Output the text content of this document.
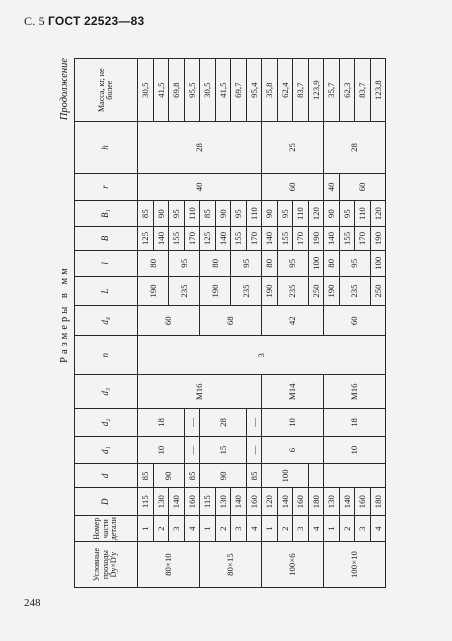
С. 5 ГОСТ 22523—83
Размеры в мм
Продолжение
Условные проходы Dy×D'y	Номер части детали	D	d	d₁	d₂	d₃	n	d₄	L	l	B	B₁	r	h	Масса, кг, не более
80×10	1	115	85	10	18	M16	3	60	190	80	125	85	40	28	30,5
	2	130	90								140	90			41,5
	3	140							235	95	155	95			69,8
	4	160	85	—	—						170	110			95,5
80×15	1	115	90	15	28			68	190	80	125	85			30,5
	2	130									140	90			41,5
	3	140							235	95	155	95			69,7
	4	160	85	—	—						170	110			95,4
100×6	1	120	100	6	10	M14		42	190	80	140	90	60	25	35,8
	2	140							235	95	155	95			62,4
	3	160									170	110			83,7
	4	180							250	100	190	120			123,9
100×10	1	130		10	18	M16		60	190	80	140	90	40	28	35,7
	2	140							235	95	155	95	60		62,3
	3	160									170	110			83,7
	4	180							250	100	190	120			123,8
248
